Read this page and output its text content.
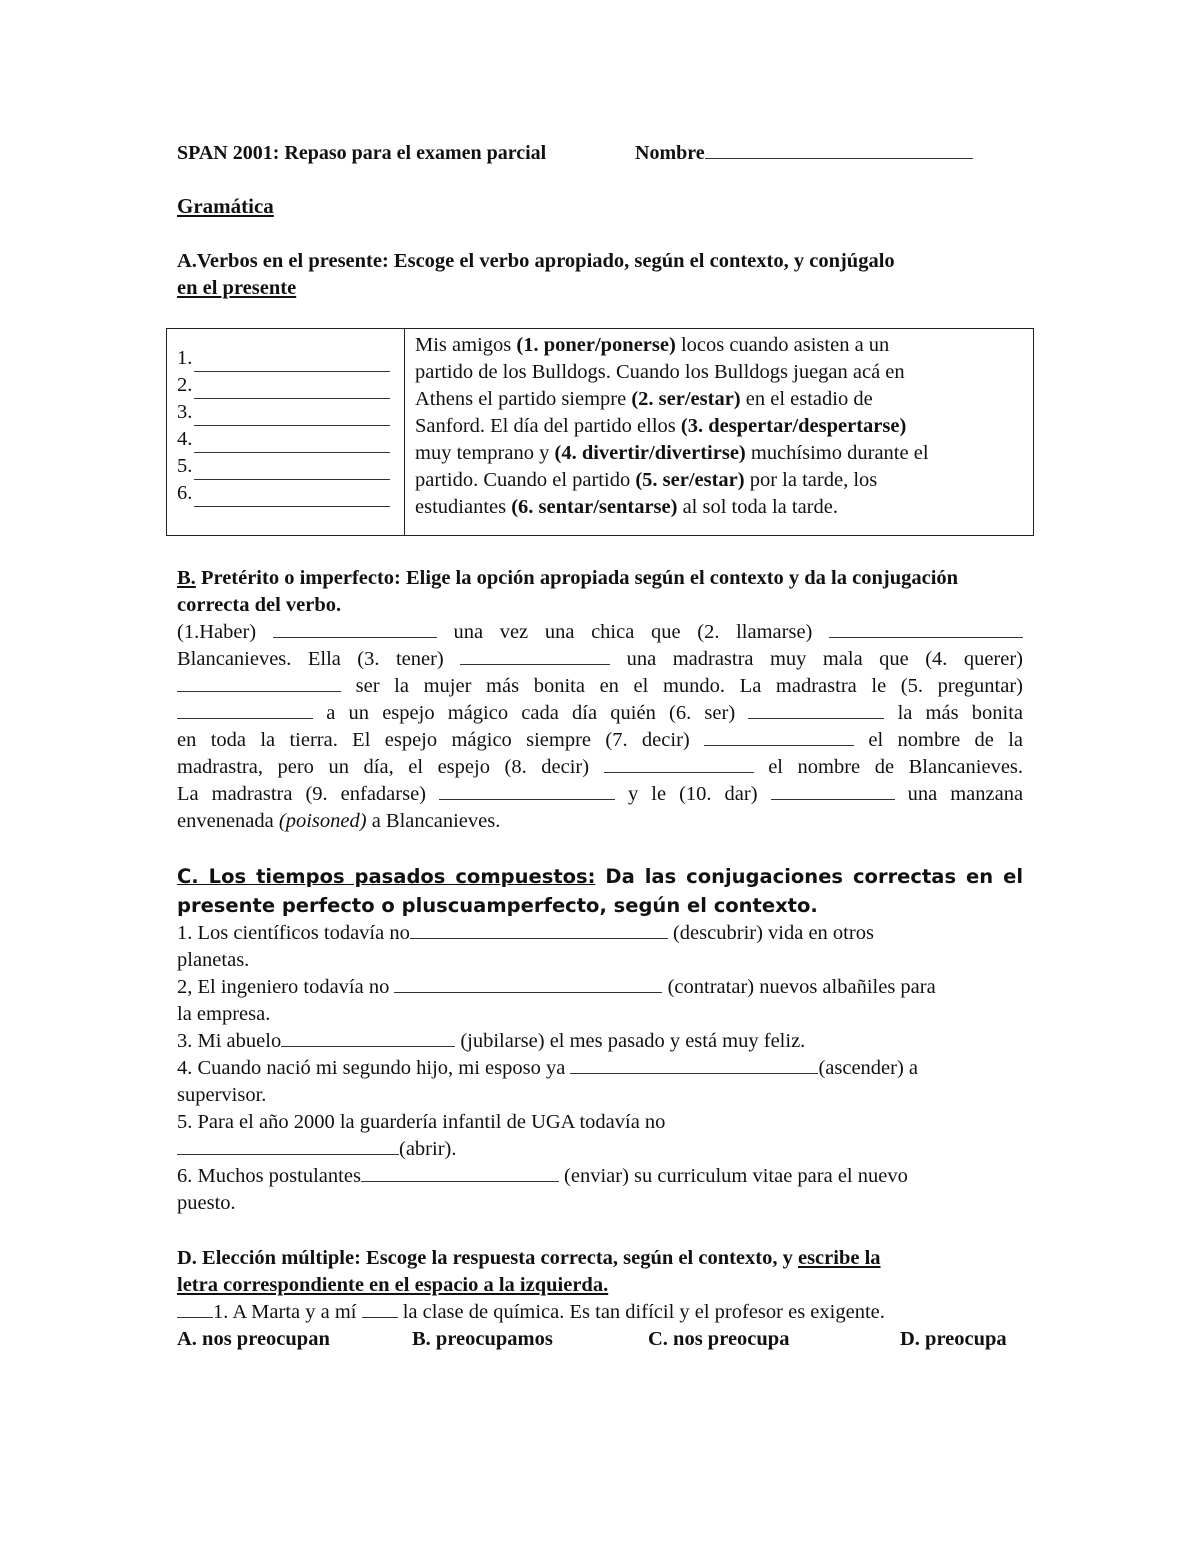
SPAN 2001: Repaso para el examen parcial	Nombre
Gramática
A.Verbos en el presente: Escoge el verbo apropiado, según el contexto, y conjúgalo
en el presente
1.
2.
3.
4.
5.
6.
Mis amigos (1. poner/ponerse) locos cuando asisten a un
partido de los Bulldogs. Cuando los Bulldogs juegan acá en
Athens el partido siempre (2. ser/estar) en el estadio de
Sanford. El día del partido ellos (3. despertar/despertarse)
muy temprano y (4. divertir/divertirse) muchísimo durante el
partido. Cuando el partido (5. ser/estar) por la tarde, los
estudiantes (6. sentar/sentarse) al sol toda la tarde.
B. Pretérito o imperfecto: Elige la opción apropiada según el contexto y da la conjugación correcta del verbo.
(1.Haber)	una vez una chica que (2. llamarse)
Blancanieves. Ella (3. tener)	una madrastra muy mala que (4. querer)
ser la mujer más bonita en el mundo. La madrastra le (5. preguntar)
a un espejo mágico cada día quién (6. ser)	la más bonita
en toda la tierra. El espejo mágico siempre (7. decir)	el nombre de la
madrastra, pero un día, el espejo (8. decir)	el nombre de Blancanieves.
La madrastra (9. enfadarse)	y le (10. dar)	una manzana
envenenada (poisoned) a Blancanieves.
C. Los tiempos pasados compuestos: Da las conjugaciones correctas en el presente perfecto o pluscuamperfecto, según el contexto.
1. Los científicos todavía no	(descubrir) vida en otros
planetas.
2, El ingeniero todavía no	(contratar) nuevos albañiles para
la empresa.
3. Mi abuelo	(jubilarse) el mes pasado y está muy feliz.
4. Cuando nació mi segundo hijo, mi esposo ya	(ascender) a
supervisor.
5. Para el año 2000 la guardería infantil de UGA todavía no
(abrir).
6. Muchos postulantes	(enviar) su curriculum vitae para el nuevo
puesto.
D. Elección múltiple: Escoge la respuesta correcta, según el contexto, y escribe la
letra correspondiente en el espacio a la izquierda.
1. A Marta y a mí  la clase de química. Es tan difícil y el profesor es exigente.
A. nos preocupan	B. preocupamos	C. nos preocupa	D. preocupa
